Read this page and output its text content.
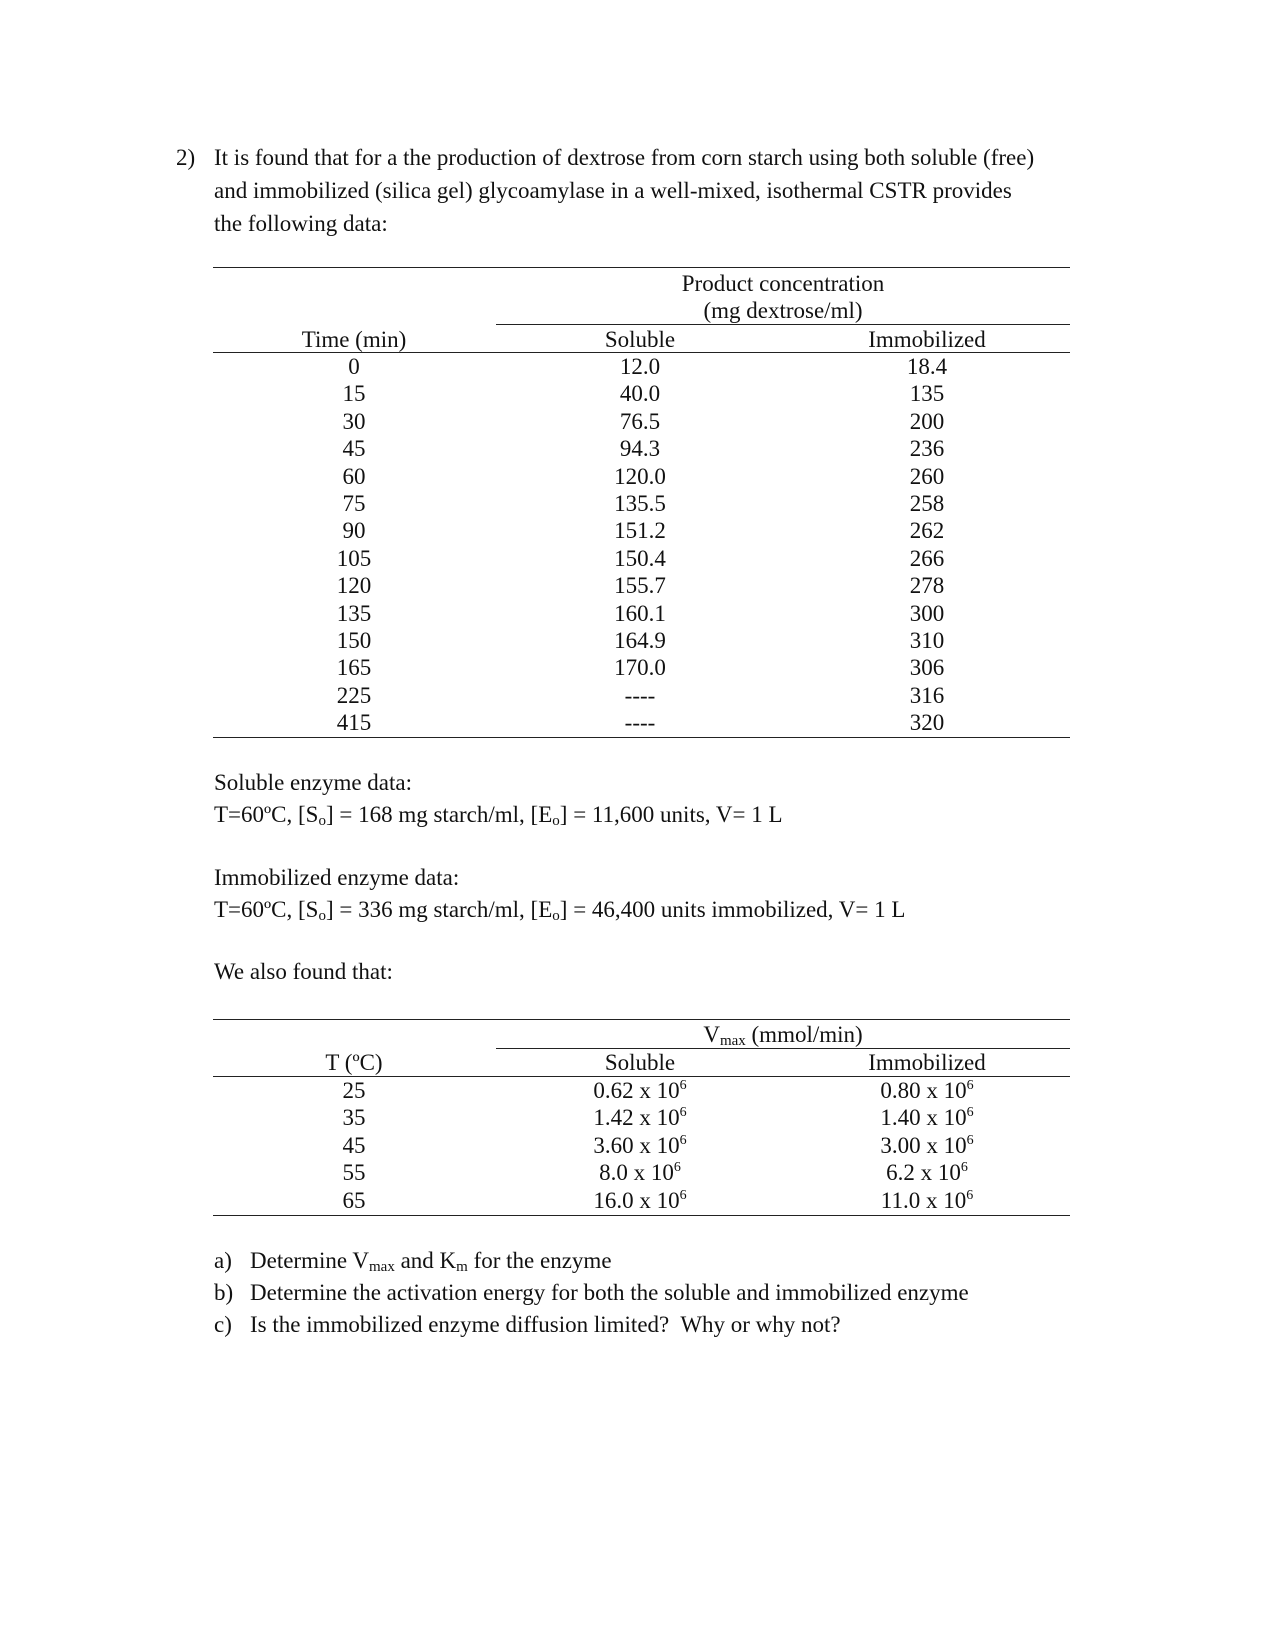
2) It is found that for a the production of dextrose from corn starch using both soluble (free)
and immobilized (silica gel) glycoamylase in a well-mixed, isothermal CSTR provides
the following data:
Product concentration
(mg dextrose/ml)
Time (min)	Soluble	Immobilized
0	12.0	18.4
15	40.0	135
30	76.5	200
45	94.3	236
60	120.0	260
75	135.5	258
90	151.2	262
105	150.4	266
120	155.7	278
135	160.1	300
150	164.9	310
165	170.0	306
225	----	316
415	----	320
Soluble enzyme data:
T=60ºC, $[S_o] = 168$ mg starch/ml, $[E_o] = 11,600$ units, V= 1 L
Immobilized enzyme data:
T=60ºC, $[S_o] = 336$ mg starch/ml, $[E_o] = 46,400$ units immobilized, V= 1 L
We also found that:
$V_{max}$ (mmol/min)
T (ºC)	Soluble	Immobilized
25	0.62 x $10^6$	0.80 x $10^6$
35	1.42 x $10^6$	1.40 x $10^6$
45	3.60 x $10^6$	3.00 x $10^6$
55	8.0 x $10^6$	6.2 x $10^6$
65	16.0 x $10^6$	11.0 x $10^6$
a) Determine $V_{max}$ and $K_m$ for the enzyme
b) Determine the activation energy for both the soluble and immobilized enzyme
c) Is the immobilized enzyme diffusion limited?  Why or why not?
